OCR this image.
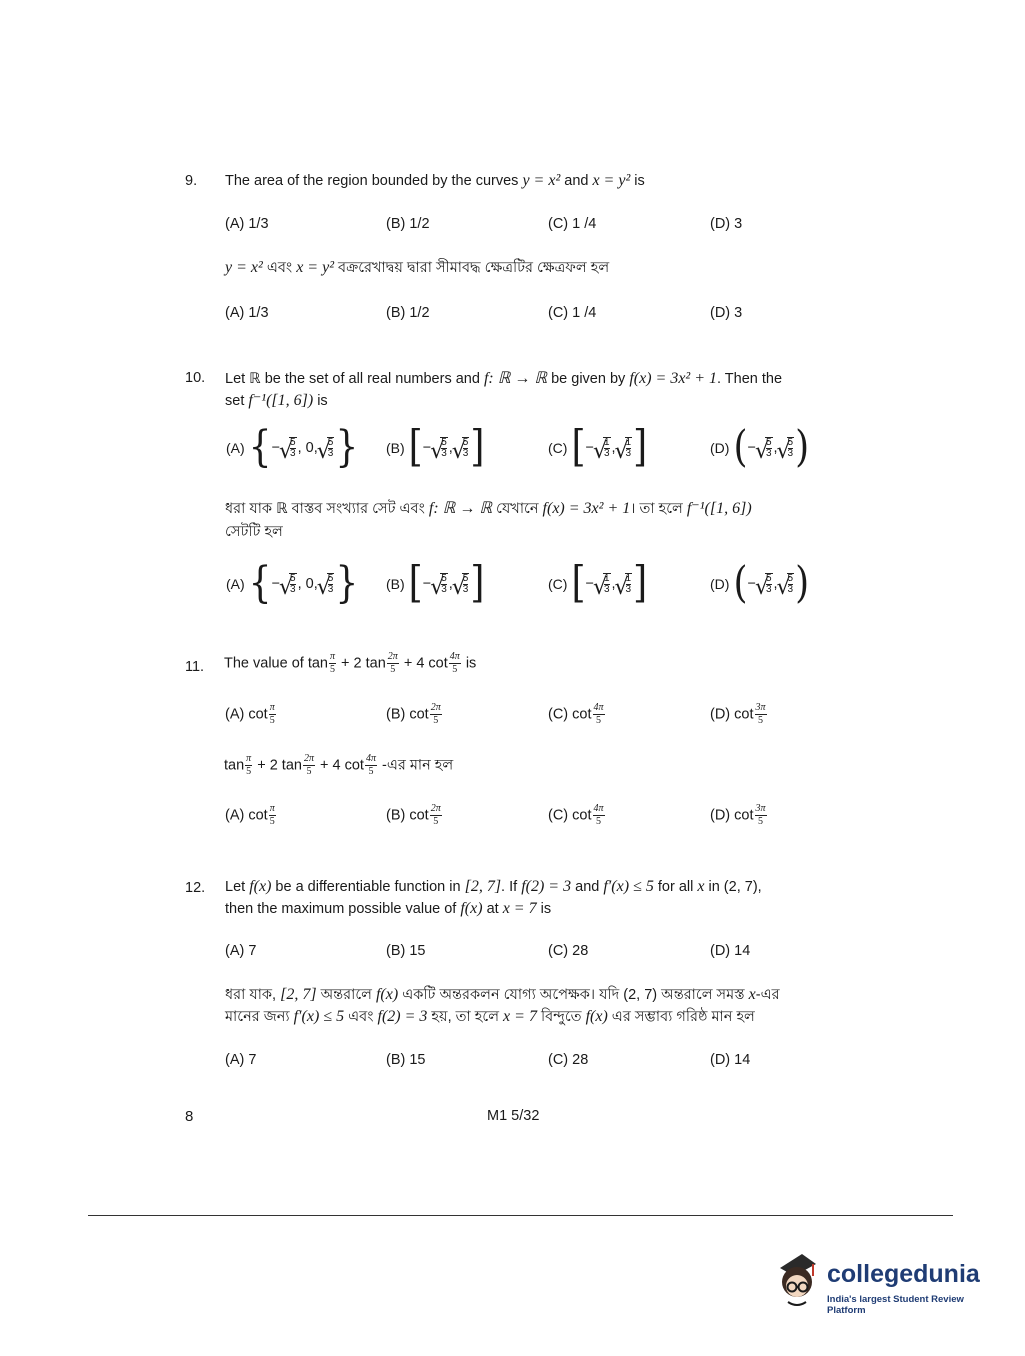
9. The area of the region bounded by the curves y = x² and x = y² is
(A) 1/3	(B) 1/2	(C) 1 /4	(D) 3
y = x² এবং x = y² বক্ররেখাদ্বয় দ্বারা সীমাবদ্ধ ক্ষেত্রটির ক্ষেত্রফল হল
(A) 1/3	(B) 1/2	(C) 1 /4	(D) 3
10. Let ℝ be the set of all real numbers and f: ℝ → ℝ be given by f(x) = 3x² + 1. Then the
set f⁻¹([1, 6]) is
(A) { − √ $\frac{5}{3}$ , 0, √ $\frac{5}{3}$ } (B) [ − √ $\frac{5}{3}$ , √ $\frac{5}{3}$ ]	(C) [ − √ $\frac{1}{3}$ , √ $\frac{1}{3}$ ]	(D) ( − √ $\frac{5}{3}$ , √ $\frac{5}{3}$ )
ধরা যাক ℝ বাস্তব সংখ্যার সেট এবং f: ℝ → ℝ যেখানে f(x) = 3x² + 1। তা হলে f⁻¹([1, 6])
সেটটি হল
(A) { − √ $\frac{5}{3}$ , 0, √ $\frac{5}{3}$ } (B) [ − √ $\frac{5}{3}$ , √ $\frac{5}{3}$ ]	(C) [ − √ $\frac{1}{3}$ , √ $\frac{1}{3}$ ]	(D) ( − √ $\frac{5}{3}$ , √ $\frac{5}{3}$ )
11. The value of $\tan \frac{\pi}{5} + 2$ $\tan \frac{2\pi}{5} + 4$ $\cot \frac{4\pi}{5}$ is
(A) $\cot \frac{\pi}{5}$	(B) $\cot \frac{2\pi}{5}$	(C) $\cot \frac{4\pi}{5}$	(D) $\cot \frac{3\pi}{5}$
$\tan \frac{\pi}{5} + 2$ $\tan \frac{2\pi}{5} + 4$ $\cot \frac{4\pi}{5}$ -এর মান হল
(A) $\cot \frac{\pi}{5}$	(B) $\cot \frac{2\pi}{5}$	(C) $\cot \frac{4\pi}{5}$	(D) $\cot \frac{3\pi}{5}$
12. Let f(x) be a differentiable function in [2, 7]. If f(2) = 3 and f′(x) ≤ 5 for all x in (2, 7),
then the maximum possible value of f(x) at x = 7 is
(A) 7	(B) 15	(C) 28	(D) 14
ধরা যাক, [2, 7] অন্তরালে f(x) একটি অন্তরকলন যোগ্য অপেক্ষক। যদি (2, 7) অন্তরালে সমস্ত x-এর
মানের জন্য f′(x) ≤ 5 এবং f(2) = 3 হয়, তা হলে x = 7 বিন্দুতে f(x) এর সম্ভাব্য গরিষ্ঠ মান হল
(A) 7	(B) 15	(C) 28	(D) 14
8	M1 5/32
collegedunia
India's largest Student Review Platform
